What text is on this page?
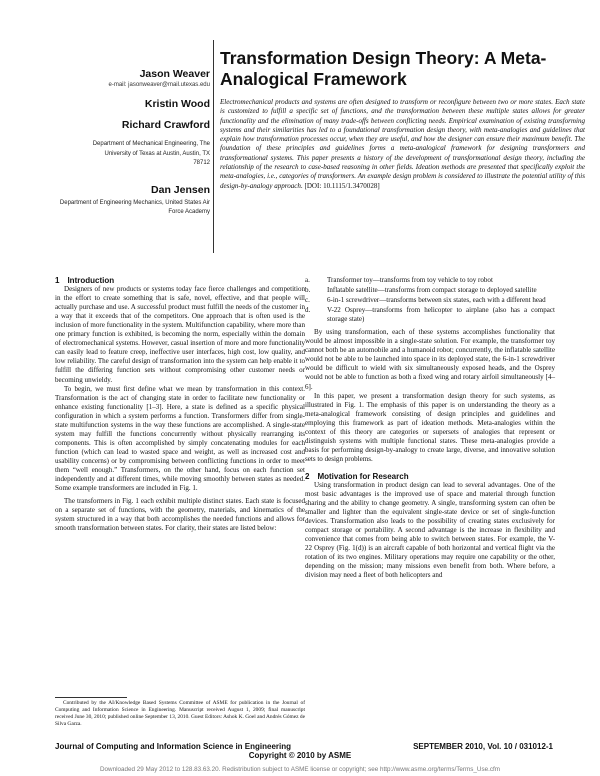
Jason Weaver

e-mail: jasonweaver@mail.utexas.edu

Kristin Wood

Richard Crawford

Department of Mechanical Engineering, The University of Texas at Austin, Austin, TX 78712

Dan Jensen

Department of Engineering Mechanics, United States Air Force Academy

Transformation Design Theory: A Meta-Analogical Framework

Electromechanical products and systems are often designed to transform or reconfigure between two or more states. Each state is customized to fulfill a specific set of functions, and the transformation between these multiple states allows for greater functionality and the elimination of many trade-offs between conflicting needs. Empirical examination of existing transforming systems and their similarities has led to a foundational transformation design theory, with meta-analogies and guidelines that explain how transformation processes occur, when they are useful, and how the designer can ensure their maximum benefit. The foundation of these principles and guidelines forms a meta-analogical framework for designing transformers and transformational systems. This paper presents a history of the development of transformational design theory, including the relationship of the research to case-based reasoning in other fields. Ideation methods are presented that specifically exploit the meta-analogies, i.e., categories of transformers. An example design problem is considered to illustrate the potential utility of this design-by-analogy approach. [DOI: 10.1115/1.3470028]

1 Introduction

Designers of new products or systems today face fierce challenges and competition in the effort to create something that is safe, novel, effective, and that people will actually purchase and use. A successful product must fulfill the needs of the customer in a way that it exceeds that of the competitors. One approach that is often used is the inclusion of more functionality in the system. Multifunction capability, where more than one primary function is exhibited, is becoming the norm, especially within the domain of electromechanical systems. However, casual insertion of more and more functionality can easily lead to feature creep, ineffective user interfaces, high cost, low quality, and low reliability. The careful design of transformation into the system can help enable it to fulfill the differing function sets without compromising other customer needs or becoming unwieldy.

To begin, we must first define what we mean by transformation in this context. Transformation is the act of changing state in order to facilitate new functionality or enhance existing functionality [1–3]. Here, a state is defined as a specific physical configuration in which a system performs a function. Transformers differ from single-state multifunction systems in the way these functions are accomplished. A single-state system may fulfill the functions concurrently without physically rearranging its components. This is often accomplished by simply concatenating modules for each function (which can lead to wasted space and weight, as well as increased cost and usability concerns) or by compromising between conflicting functions in order to meet them “well enough.” Transformers, on the other hand, focus on each function set independently and at different times, while moving smoothly between states as needed. Some example transformers are included in Fig. 1.

The transformers in Fig. 1 each exhibit multiple distinct states. Each state is focused on a separate set of functions, with the geometry, materials, and kinematics of the system structured in a way that both accomplishes the needed functions and allows for smooth transformation between states. For clarity, their states are listed below:

a.	Transformer toy—transforms from toy vehicle to toy robot
b.	Inflatable satellite—transforms from compact storage to deployed satellite
c.	6-in-1 screwdriver—transforms between six states, each with a different head
d.	V-22 Osprey—transforms from helicopter to airplane (also has a compact storage state)

By using transformation, each of these systems accomplishes functionality that would be almost impossible in a single-state solution. For example, the transformer toy cannot both be an automobile and a humanoid robot; concurrently, the inflatable satellite would not be able to be launched into space in its deployed state, the 6-in-1 screwdriver would be difficult to wield with six simultaneously exposed heads, and the Osprey would not be able to function as both a fixed wing and rotary airfoil simultaneously [4–6].

In this paper, we present a transformation design theory for such systems, as illustrated in Fig. 1. The emphasis of this paper is on understanding the theory as a meta-analogical framework consisting of design principles and guidelines and employing this framework as part of ideation methods. Meta-analogies within the context of this theory are categories or supersets of analogies that represent or distinguish systems with multiple functional states. These meta-analogies provide a basis for performing design-by-analogy to create large, diverse, and innovative solution sets to design problems.

2 Motivation for Research

Using transformation in product design can lead to several advantages. One of the most basic advantages is the improved use of space and material through function sharing and the ability to change geometry. A single, transforming system can often be smaller and lighter than the equivalent single-state device or set of single-function devices. Transformation also leads to the possibility of creating states exclusively for compact storage or portability. A second advantage is the increase in flexibility and convenience that comes from being able to switch between states. For example, the V-22 Osprey (Fig. 1(d)) is an aircraft capable of both horizontal and vertical flight via the rotation of its two engines. Military operations may require one capability or the other, depending on the mission; many missions even benefit from both. Where before, a division may need a fleet of both helicopters and

Contributed by the AI/Knowledge Based Systems Committee of ASME for publication in the Journal of Computing and Information Science in Engineering. Manuscript received August 1, 2009; final manuscript received June 30, 2010; published online September 13, 2010. Guest Editors: Ashok K. Goel and Andrés Gómez de Silva Garza.

Journal of Computing and Information Science in Engineering	SEPTEMBER 2010, Vol. 10 / 031012-1
Copyright © 2010 by ASME
Downloaded 29 May 2012 to 128.83.63.20. Redistribution subject to ASME license or copyright; see http://www.asme.org/terms/Terms_Use.cfm
